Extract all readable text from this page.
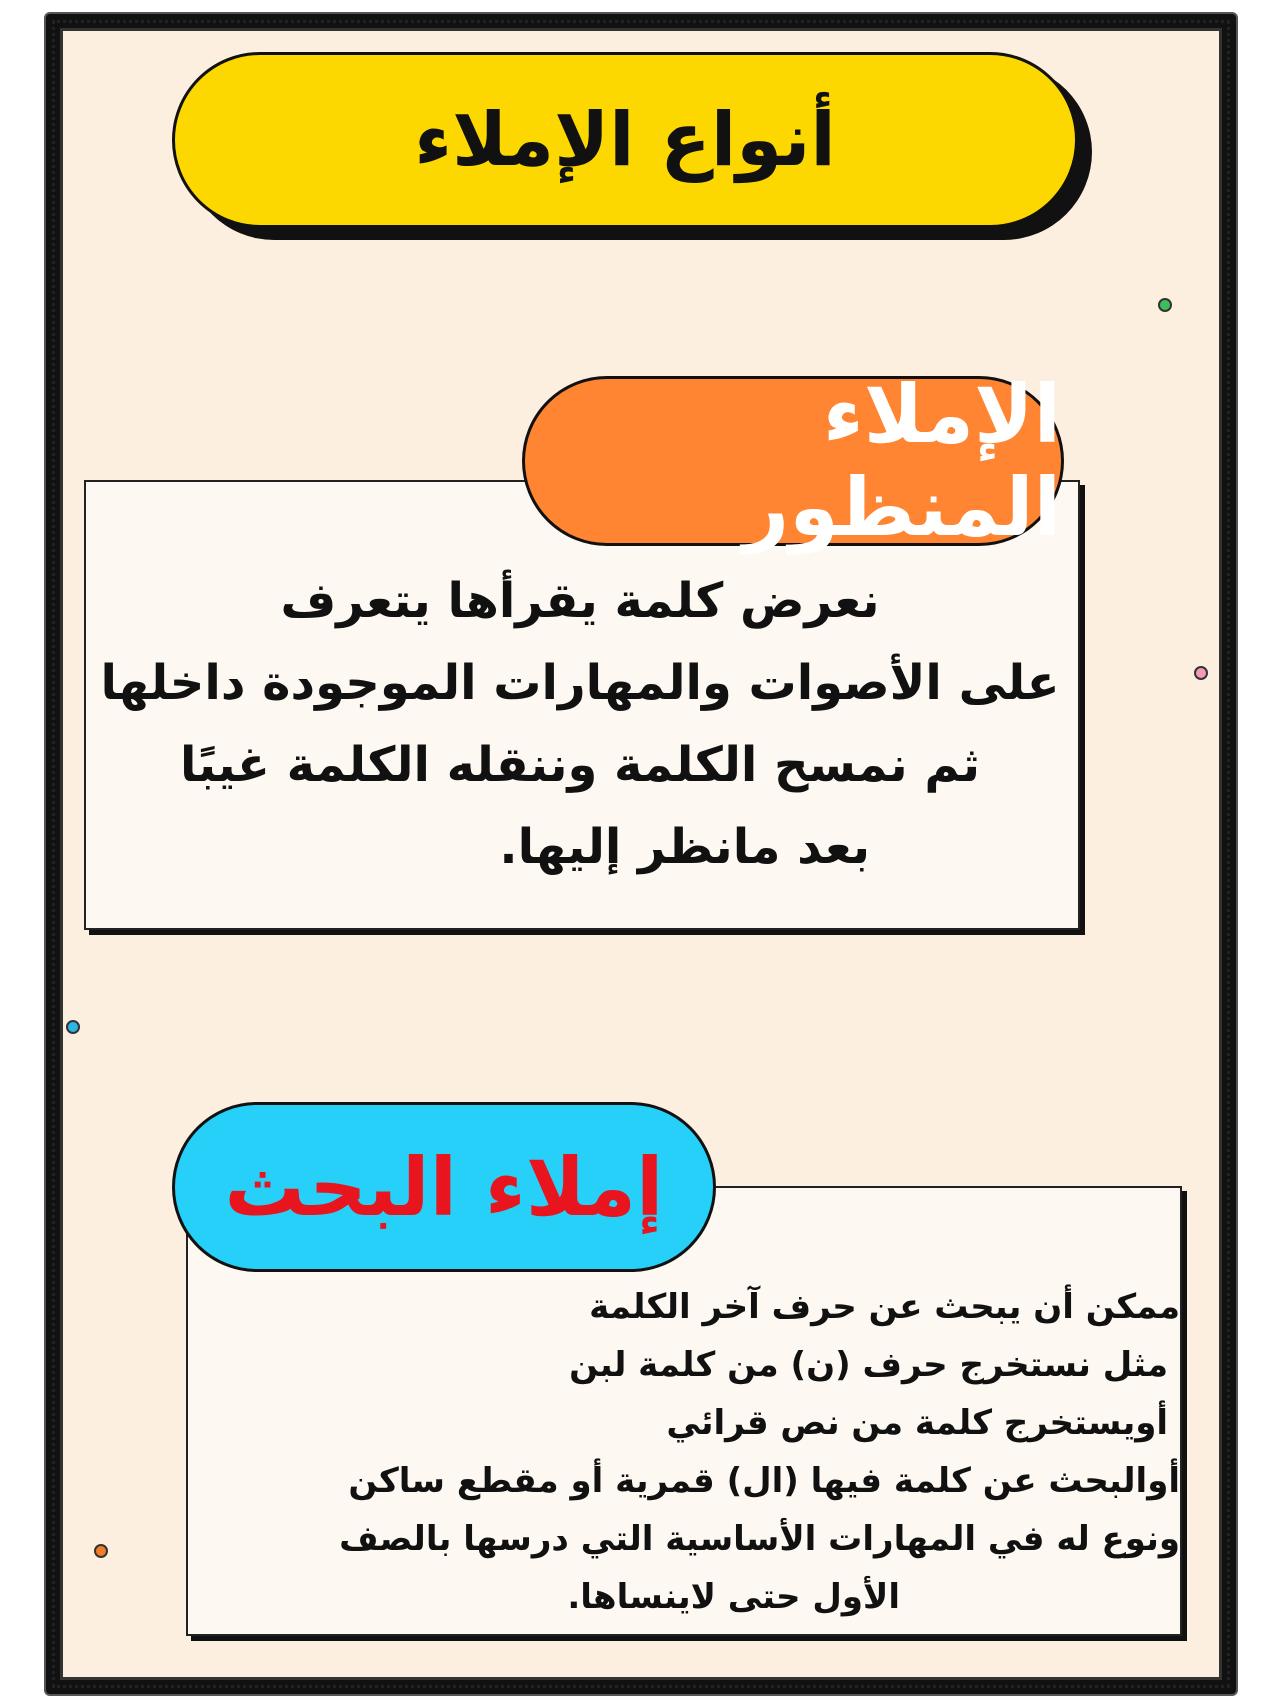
أنواع الإملاء
الإملاء المنظور
نعرض كلمة يقرأها يتعرف
على الأصوات والمهارات الموجودة داخلها
ثم نمسح الكلمة وننقله الكلمة غيبًا
بعد مانظر إليها.
إملاء البحث
ممكن أن يبحث عن حرف آخر الكلمة
مثل نستخرج حرف (ن) من كلمة لبن
أويستخرج كلمة من نص قرائي
أوالبحث عن كلمة فيها (ال) قمرية أو مقطع ساكن
ونوع له في المهارات الأساسية التي درسها بالصف
الأول حتى لاينساها.
